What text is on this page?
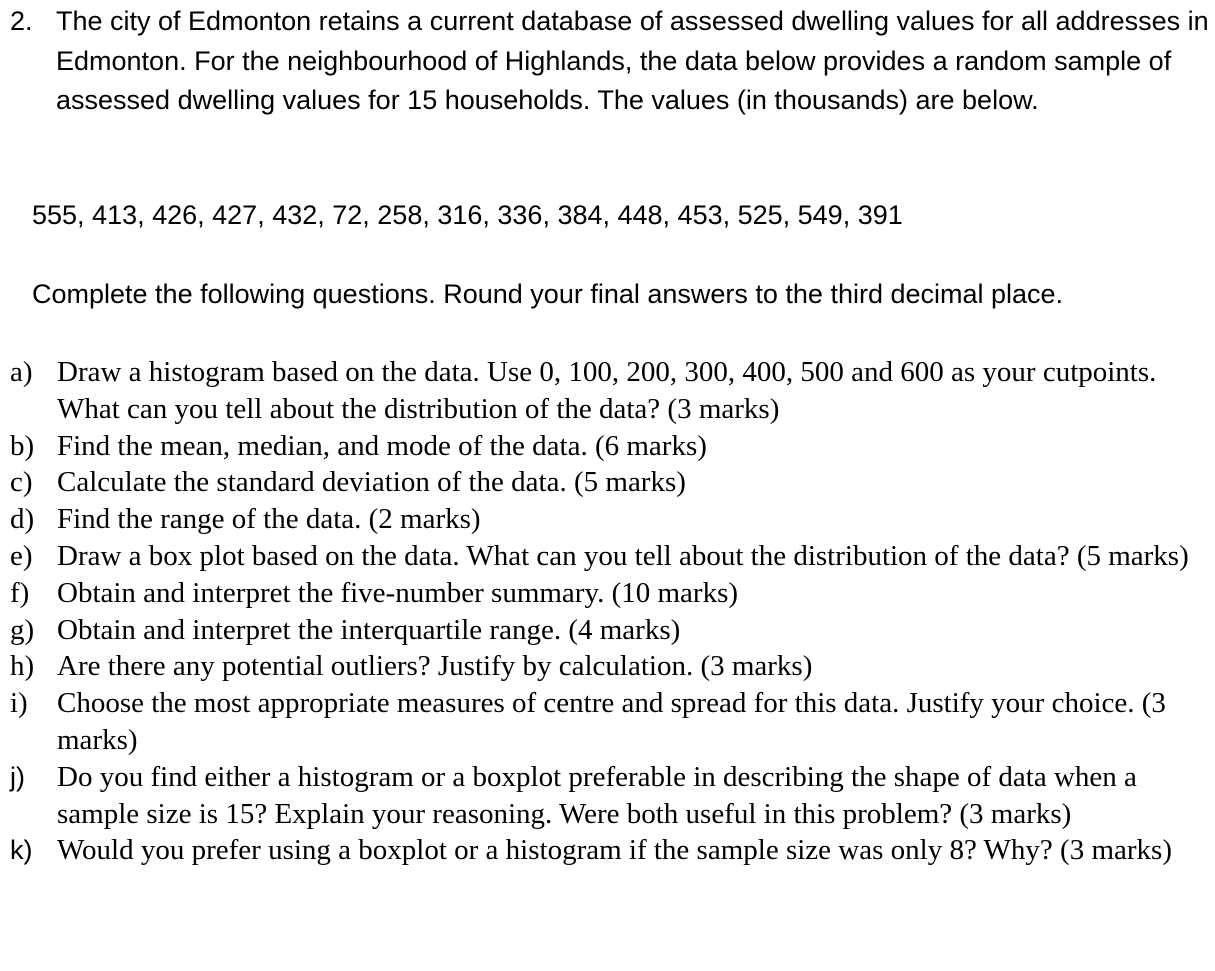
2. The city of Edmonton retains a current database of assessed dwelling values for all addresses in Edmonton. For the neighbourhood of Highlands, the data below provides a random sample of assessed dwelling values for 15 households. The values (in thousands) are below.
555, 413, 426, 427, 432, 72, 258, 316, 336, 384, 448, 453, 525, 549, 391
Complete the following questions. Round your final answers to the third decimal place.
a) Draw a histogram based on the data. Use 0, 100, 200, 300, 400, 500 and 600 as your cutpoints. What can you tell about the distribution of the data? (3 marks)
b) Find the mean, median, and mode of the data. (6 marks)
c) Calculate the standard deviation of the data. (5 marks)
d) Find the range of the data. (2 marks)
e) Draw a box plot based on the data. What can you tell about the distribution of the data? (5 marks)
f) Obtain and interpret the five-number summary. (10 marks)
g) Obtain and interpret the interquartile range. (4 marks)
h) Are there any potential outliers? Justify by calculation. (3 marks)
i) Choose the most appropriate measures of centre and spread for this data. Justify your choice. (3 marks)
j) Do you find either a histogram or a boxplot preferable in describing the shape of data when a sample size is 15? Explain your reasoning. Were both useful in this problem? (3 marks)
k) Would you prefer using a boxplot or a histogram if the sample size was only 8? Why? (3 marks)
